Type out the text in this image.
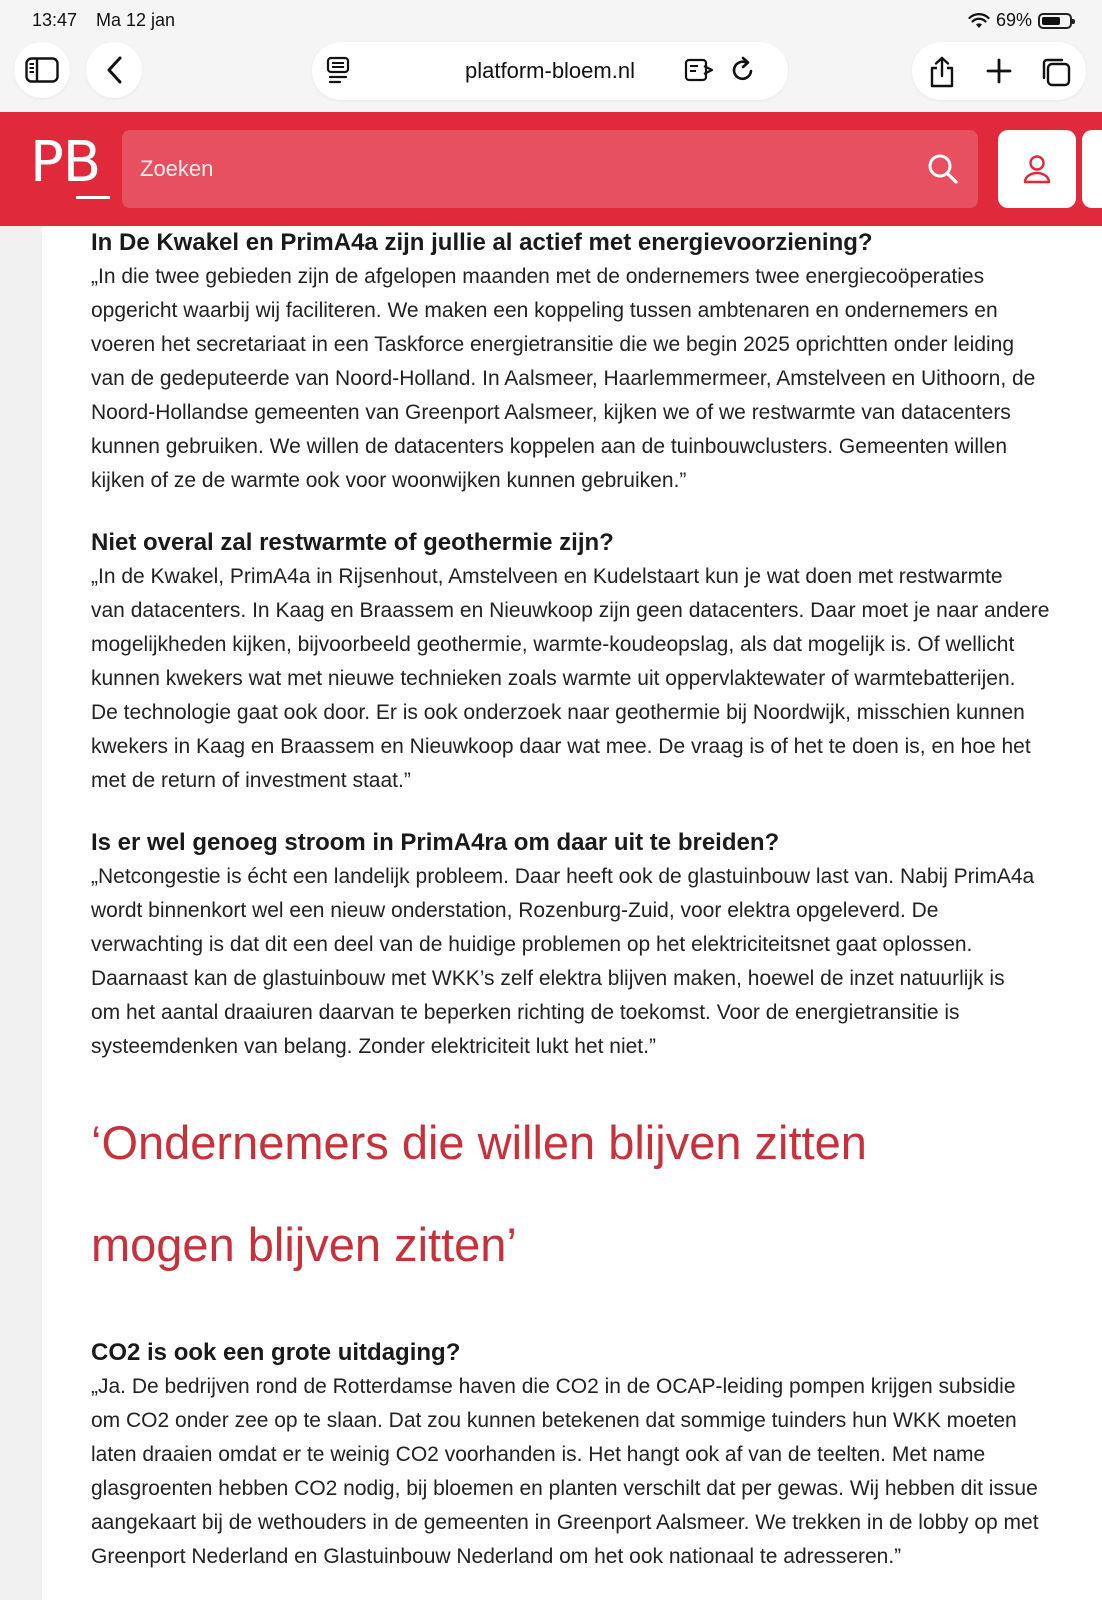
13:47 Ma 12 jan	69%
platform-bloem.nl
PB
Zoeken
In De Kwakel en PrimA4a zijn jullie al actief met energievoorziening?

„In die twee gebieden zijn de afgelopen maanden met de ondernemers twee energiecoöperaties
opgericht waarbij wij faciliteren. We maken een koppeling tussen ambtenaren en ondernemers en
voeren het secretariaat in een Taskforce energietransitie die we begin 2025 oprichtten onder leiding
van de gedeputeerde van Noord-Holland. In Aalsmeer, Haarlemmermeer, Amstelveen en Uithoorn, de
Noord-Hollandse gemeenten van Greenport Aalsmeer, kijken we of we restwarmte van datacenters
kunnen gebruiken. We willen de datacenters koppelen aan de tuinbouwclusters. Gemeenten willen
kijken of ze de warmte ook voor woonwijken kunnen gebruiken.”

Niet overal zal restwarmte of geothermie zijn?

„In de Kwakel, PrimA4a in Rijsenhout, Amstelveen en Kudelstaart kun je wat doen met restwarmte
van datacenters. In Kaag en Braassem en Nieuwkoop zijn geen datacenters. Daar moet je naar andere
mogelijkheden kijken, bijvoorbeeld geothermie, warmte-koudeopslag, als dat mogelijk is. Of wellicht
kunnen kwekers wat met nieuwe technieken zoals warmte uit oppervlaktewater of warmtebatterijen.
De technologie gaat ook door. Er is ook onderzoek naar geothermie bij Noordwijk, misschien kunnen
kwekers in Kaag en Braassem en Nieuwkoop daar wat mee. De vraag is of het te doen is, en hoe het
met de return of investment staat.”

Is er wel genoeg stroom in PrimA4ra om daar uit te breiden?

„Netcongestie is écht een landelijk probleem. Daar heeft ook de glastuinbouw last van. Nabij PrimA4a
wordt binnenkort wel een nieuw onderstation, Rozenburg-Zuid, voor elektra opgeleverd. De
verwachting is dat dit een deel van de huidige problemen op het elektriciteitsnet gaat oplossen.
Daarnaast kan de glastuinbouw met WKK’s zelf elektra blijven maken, hoewel de inzet natuurlijk is
om het aantal draaiuren daarvan te beperken richting de toekomst. Voor de energietransitie is
systeemdenken van belang. Zonder elektriciteit lukt het niet.”

‘Ondernemers die willen blijven zitten
mogen blijven zitten’
CO2 is ook een grote uitdaging?

„Ja. De bedrijven rond de Rotterdamse haven die CO2 in de OCAP-leiding pompen krijgen subsidie
om CO2 onder zee op te slaan. Dat zou kunnen betekenen dat sommige tuinders hun WKK moeten
laten draaien omdat er te weinig CO2 voorhanden is. Het hangt ook af van de teelten. Met name
glasgroenten hebben CO2 nodig, bij bloemen en planten verschilt dat per gewas. Wij hebben dit issue
aangekaart bij de wethouders in de gemeenten in Greenport Aalsmeer. We trekken in de lobby op met
Greenport Nederland en Glastuinbouw Nederland om het ook nationaal te adresseren.”
